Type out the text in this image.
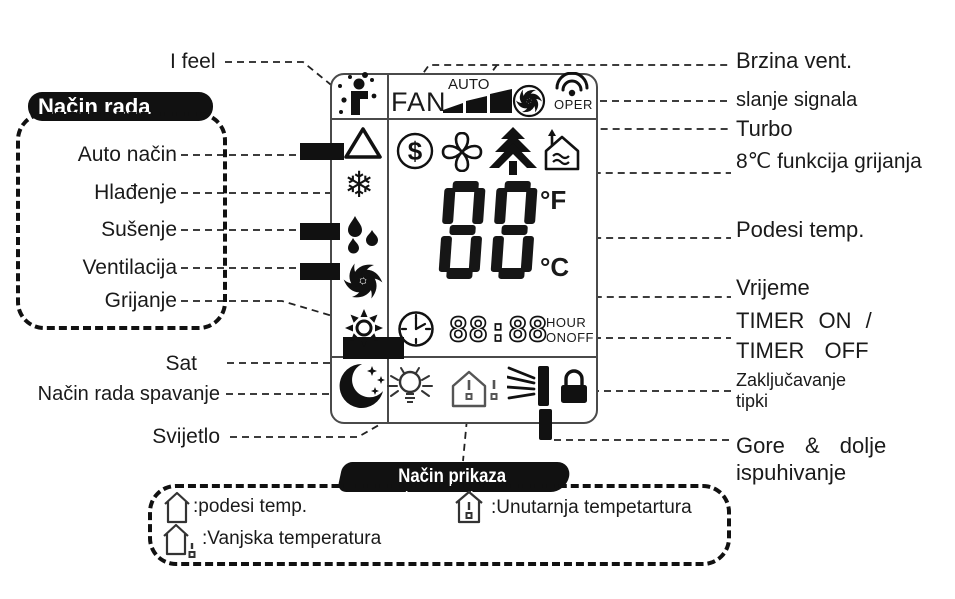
I feel
Način rada
Auto način
Hlađenje
Sušenje
Ventilacija
Grijanje
Sat
Način rada spavanje
Svijetlo
Brzina vent.
slanje signala
Turbo
8℃ funkcija grijanja
Podesi temp.
Vrijeme
TIMER ON /
TIMER OFF
Zaključavanje
tipki
Gore & dolje
ispuhivanje
FAN
AUTO
OPER
❄
$
°F
°C
88:88
HOUR
ONOFF
Način prikaza temperature
:podesi temp.
:Vanjska temperatura
:Unutarnja tempetartura
